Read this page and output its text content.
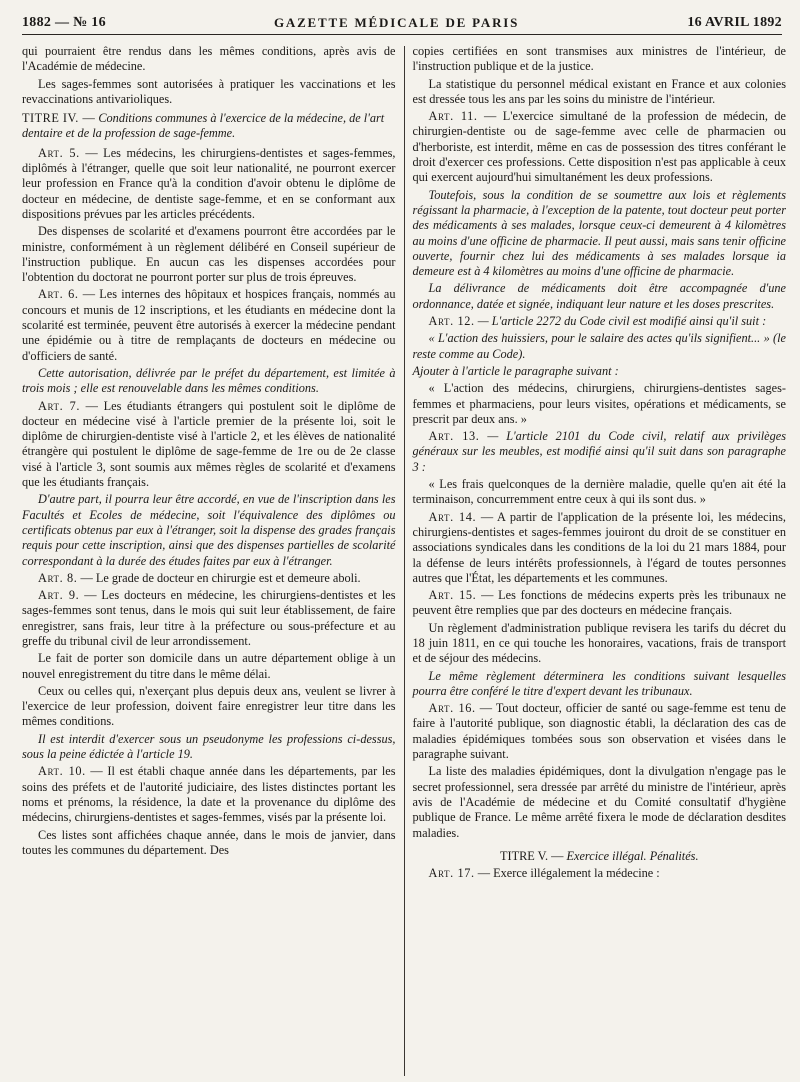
1882 — № 16	GAZETTE MÉDICALE DE PARIS	16 AVRIL 1892

qui pourraient être rendus dans les mêmes conditions, après avis de l'Académie de médecine.

Les sages-femmes sont autorisées à pratiquer les vaccinations et les revaccinations antivarioliques.

TITRE IV. — Conditions communes à l'exercice de la médecine, de l'art dentaire et de la profession de sage-femme.

Art. 5. — Les médecins, les chirurgiens-dentistes et sages-femmes, diplômés à l'étranger, quelle que soit leur nationalité, ne pourront exercer leur profession en France qu'à la condition d'avoir obtenu le diplôme de docteur en médecine, de dentiste sage-femme, et en se conformant aux dispositions prévues par les articles précédents.

Des dispenses de scolarité et d'examens pourront être accordées par le ministre, conformément à un règlement délibéré en Conseil supérieur de l'instruction publique. En aucun cas les dispenses accordées pour l'obtention du doctorat ne pourront porter sur plus de trois épreuves.

Art. 6. — Les internes des hôpitaux et hospices français, nommés au concours et munis de 12 inscriptions, et les étudiants en médecine dont la scolarité est terminée, peuvent être autorisés à exercer la médecine pendant une épidémie ou à titre de remplaçants de docteurs en médecine ou d'officiers de santé.

Cette autorisation, délivrée par le préfet du département, est limitée à trois mois ; elle est renouvelable dans les mêmes conditions.

Art. 7. — Les étudiants étrangers qui postulent soit le diplôme de docteur en médecine visé à l'article premier de la présente loi, soit le diplôme de chirurgien-dentiste visé à l'article 2, et les élèves de nationalité étrangère qui postulent le diplôme de sage-femme de 1re ou de 2e classe visé à l'article 3, sont soumis aux mêmes règles de scolarité et d'examens que les étudiants français.

D'autre part, il pourra leur être accordé, en vue de l'inscription dans les Facultés et Ecoles de médecine, soit l'équivalence des diplômes ou certificats obtenus par eux à l'étranger, soit la dispense des grades français requis pour cette inscription, ainsi que des dispenses partielles de scolarité correspondant à la durée des études faites par eux à l'étranger.

Art. 8. — Le grade de docteur en chirurgie est et demeure aboli.

Art. 9. — Les docteurs en médecine, les chirurgiens-dentistes et les sages-femmes sont tenus, dans le mois qui suit leur établissement, de faire enregistrer, sans frais, leur titre à la préfecture ou sous-préfecture et au greffe du tribunal civil de leur arrondissement.

Le fait de porter son domicile dans un autre département oblige à un nouvel enregistrement du titre dans le même délai.

Ceux ou celles qui, n'exerçant plus depuis deux ans, veulent se livrer à l'exercice de leur profession, doivent faire enregistrer leur titre dans les mêmes conditions.

Il est interdit d'exercer sous un pseudonyme les professions ci-dessus, sous la peine édictée à l'article 19.

Art. 10. — Il est établi chaque année dans les départements, par les soins des préfets et de l'autorité judiciaire, des listes distinctes portant les noms et prénoms, la résidence, la date et la provenance du diplôme des médecins, chirurgiens-dentistes et sages-femmes, visés par la présente loi.

Ces listes sont affichées chaque année, dans le mois de janvier, dans toutes les communes du département. Des

copies certifiées en sont transmises aux ministres de l'intérieur, de l'instruction publique et de la justice.

La statistique du personnel médical existant en France et aux colonies est dressée tous les ans par les soins du ministre de l'intérieur.

Art. 11. — L'exercice simultané de la profession de médecin, de chirurgien-dentiste ou de sage-femme avec celle de pharmacien ou d'herboriste, est interdit, même en cas de possession des titres conférant le droit d'exercer ces professions. Cette disposition n'est pas applicable à ceux qui exercent aujourd'hui simultanément les deux professions.

Toutefois, sous la condition de se soumettre aux lois et règlements régissant la pharmacie, à l'exception de la patente, tout docteur peut porter des médicaments à ses malades, lorsque ceux-ci demeurent à 4 kilomètres au moins d'une officine de pharmacie. Il peut aussi, mais sans tenir officine ouverte, fournir chez lui des médicaments à ses malades lorsque ia demeure est à 4 kilomètres au moins d'une officine de pharmacie.

La délivrance de médicaments doit être accompagnée d'une ordonnance, datée et signée, indiquant leur nature et les doses prescrites.

Art. 12. — L'article 2272 du Code civil est modifié ainsi qu'il suit :

« L'action des huissiers, pour le salaire des actes qu'ils signifient... » (le reste comme au Code).

Ajouter à l'article le paragraphe suivant :

« L'action des médecins, chirurgiens, chirurgiens-dentistes sages-femmes et pharmaciens, pour leurs visites, opérations et médicaments, se prescrit par deux ans. »

Art. 13. — L'article 2101 du Code civil, relatif aux privilèges généraux sur les meubles, est modifié ainsi qu'il suit dans son paragraphe 3 :

« Les frais quelconques de la dernière maladie, quelle qu'en ait été la terminaison, concurremment entre ceux à qui ils sont dus. »

Art. 14. — A partir de l'application de la présente loi, les médecins, chirurgiens-dentistes et sages-femmes jouiront du droit de se constituer en associations syndicales dans les conditions de la loi du 21 mars 1884, pour la défense de leurs intérêts professionnels, à l'égard de toutes personnes autres que l'État, les départements et les communes.

Art. 15. — Les fonctions de médecins experts près les tribunaux ne peuvent être remplies que par des docteurs en médecine français.

Un règlement d'administration publique revisera les tarifs du décret du 18 juin 1811, en ce qui touche les honoraires, vacations, frais de transport et de séjour des médecins.

Le même règlement déterminera les conditions suivant lesquelles pourra être conféré le titre d'expert devant les tribunaux.

Art. 16. — Tout docteur, officier de santé ou sage-femme est tenu de faire à l'autorité publique, son diagnostic établi, la déclaration des cas de maladies épidémiques tombées sous son observation et visées dans le paragraphe suivant.

La liste des maladies épidémiques, dont la divulgation n'engage pas le secret professionnel, sera dressée par arrêté du ministre de l'intérieur, après avis de l'Académie de médecine et du Comité consultatif d'hygiène publique de France. Le même arrêté fixera le mode de déclaration desdites maladies.

TITRE V. — Exercice illégal. Pénalités.

Art. 17. — Exerce illégalement la médecine :
